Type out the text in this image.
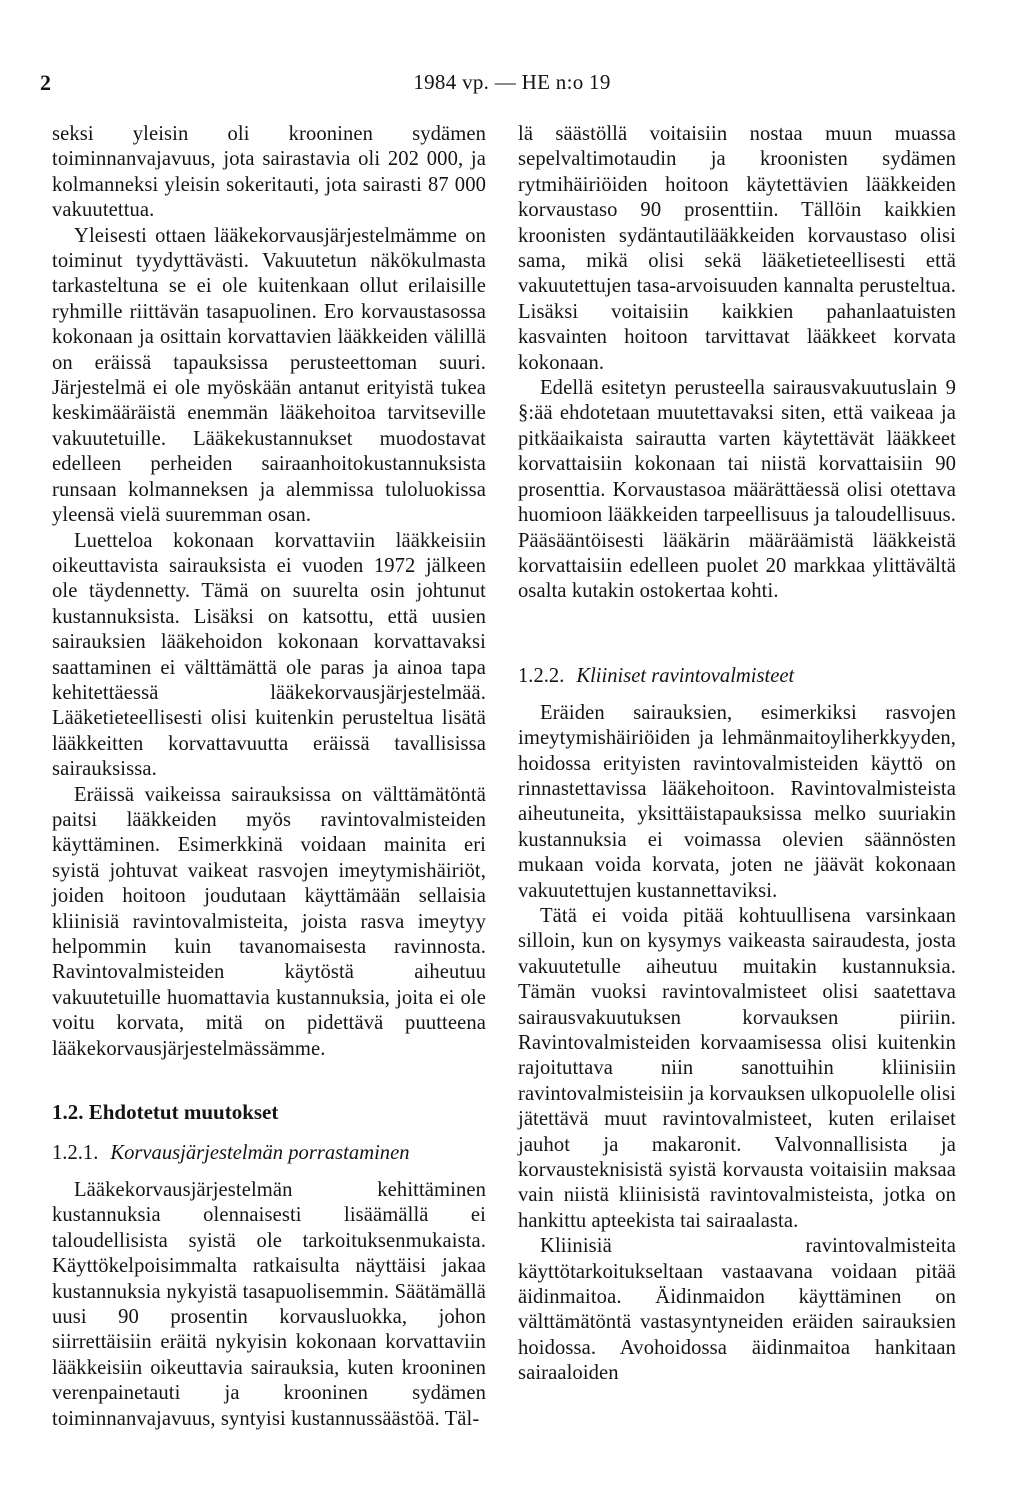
2	1984 vp. — HE n:o 19

seksi yleisin oli krooninen sydämen toiminnanvajavuus, jota sairastavia oli 202 000, ja kolmanneksi yleisin sokeritauti, jota sairasti 87 000 vakuutettua.

Yleisesti ottaen lääkekorvausjärjestelmämme on toiminut tyydyttävästi. Vakuutetun näkökulmasta tarkasteltuna se ei ole kuitenkaan ollut erilaisille ryhmille riittävän tasapuolinen. Ero korvaustasossa kokonaan ja osittain korvattavien lääkkeiden välillä on eräissä tapauksissa perusteettoman suuri. Järjestelmä ei ole myöskään antanut erityistä tukea keskimääräistä enemmän lääkehoitoa tarvitseville vakuutetuille. Lääkekustannukset muodostavat edelleen perheiden sairaanhoitokustannuksista runsaan kolmanneksen ja alemmissa tuloluokissa yleensä vielä suuremman osan.

Luetteloa kokonaan korvattaviin lääkkeisiin oikeuttavista sairauksista ei vuoden 1972 jälkeen ole täydennetty. Tämä on suurelta osin johtunut kustannuksista. Lisäksi on katsottu, että uusien sairauksien lääkehoidon kokonaan korvattavaksi saattaminen ei välttämättä ole paras ja ainoa tapa kehitettäessä lääkekorvausjärjestelmää. Lääketieteellisesti olisi kuitenkin perusteltua lisätä lääkkeitten korvattavuutta eräissä tavallisissa sairauksissa.

Eräissä vaikeissa sairauksissa on välttämätöntä paitsi lääkkeiden myös ravintovalmisteiden käyttäminen. Esimerkkinä voidaan mainita eri syistä johtuvat vaikeat rasvojen imeytymishäiriöt, joiden hoitoon joudutaan käyttämään sellaisia kliinisiä ravintovalmisteita, joista rasva imeytyy helpommin kuin tavanomaisesta ravinnosta. Ravintovalmisteiden käytöstä aiheutuu vakuutetuille huomattavia kustannuksia, joita ei ole voitu korvata, mitä on pidettävä puutteena lääkekorvausjärjestelmässämme.

1.2. Ehdotetut muutokset
1.2.1. Korvausjärjestelmän porrastaminen

Lääkekorvausjärjestelmän kehittäminen kustannuksia olennaisesti lisäämällä ei taloudellisista syistä ole tarkoituksenmukaista. Käyttökelpoisimmalta ratkaisulta näyttäisi jakaa kustannuksia nykyistä tasapuolisemmin. Säätämällä uusi 90 prosentin korvausluokka, johon siirrettäisiin eräitä nykyisin kokonaan korvattaviin lääkkeisiin oikeuttavia sairauksia, kuten krooninen verenpainetauti ja krooninen sydämen toiminnanvajavuus, syntyisi kustannussäästöä. Täl-

lä säästöllä voitaisiin nostaa muun muassa sepelvaltimotaudin ja kroonisten sydämen rytmihäiriöiden hoitoon käytettävien lääkkeiden korvaustaso 90 prosenttiin. Tällöin kaikkien kroonisten sydäntautilääkkeiden korvaustaso olisi sama, mikä olisi sekä lääketieteellisesti että vakuutettujen tasa-arvoisuuden kannalta perusteltua. Lisäksi voitaisiin kaikkien pahanlaatuisten kasvainten hoitoon tarvittavat lääkkeet korvata kokonaan.

Edellä esitetyn perusteella sairausvakuutuslain 9 §:ää ehdotetaan muutettavaksi siten, että vaikeaa ja pitkäaikaista sairautta varten käytettävät lääkkeet korvattaisiin kokonaan tai niistä korvattaisiin 90 prosenttia. Korvaustasoa määrättäessä olisi otettava huomioon lääkkeiden tarpeellisuus ja taloudellisuus. Pääsääntöisesti lääkärin määräämistä lääkkeistä korvattaisiin edelleen puolet 20 markkaa ylittävältä osalta kutakin ostokertaa kohti.

1.2.2. Kliiniset ravintovalmisteet

Eräiden sairauksien, esimerkiksi rasvojen imeytymishäiriöiden ja lehmänmaitoyliherkkyyden, hoidossa erityisten ravintovalmisteiden käyttö on rinnastettavissa lääkehoitoon. Ravintovalmisteista aiheutuneita, yksittäistapauksissa melko suuriakin kustannuksia ei voimassa olevien säännösten mukaan voida korvata, joten ne jäävät kokonaan vakuutettujen kustannettaviksi.

Tätä ei voida pitää kohtuullisena varsinkaan silloin, kun on kysymys vaikeasta sairaudesta, josta vakuutetulle aiheutuu muitakin kustannuksia. Tämän vuoksi ravintovalmisteet olisi saatettava sairausvakuutuksen korvauksen piiriin. Ravintovalmisteiden korvaamisessa olisi kuitenkin rajoituttava niin sanottuihin kliinisiin ravintovalmisteisiin ja korvauksen ulkopuolelle olisi jätettävä muut ravintovalmisteet, kuten erilaiset jauhot ja makaronit. Valvonnallisista ja korvausteknisistä syistä korvausta voitaisiin maksaa vain niistä kliinisistä ravintovalmisteista, jotka on hankittu apteekista tai sairaalasta.

Kliinisiä ravintovalmisteita käyttötarkoitukseltaan vastaavana voidaan pitää äidinmaitoa. Äidinmaidon käyttäminen on välttämätöntä vastasyntyneiden eräiden sairauksien hoidossa. Avohoidossa äidinmaitoa hankitaan sairaaloiden
